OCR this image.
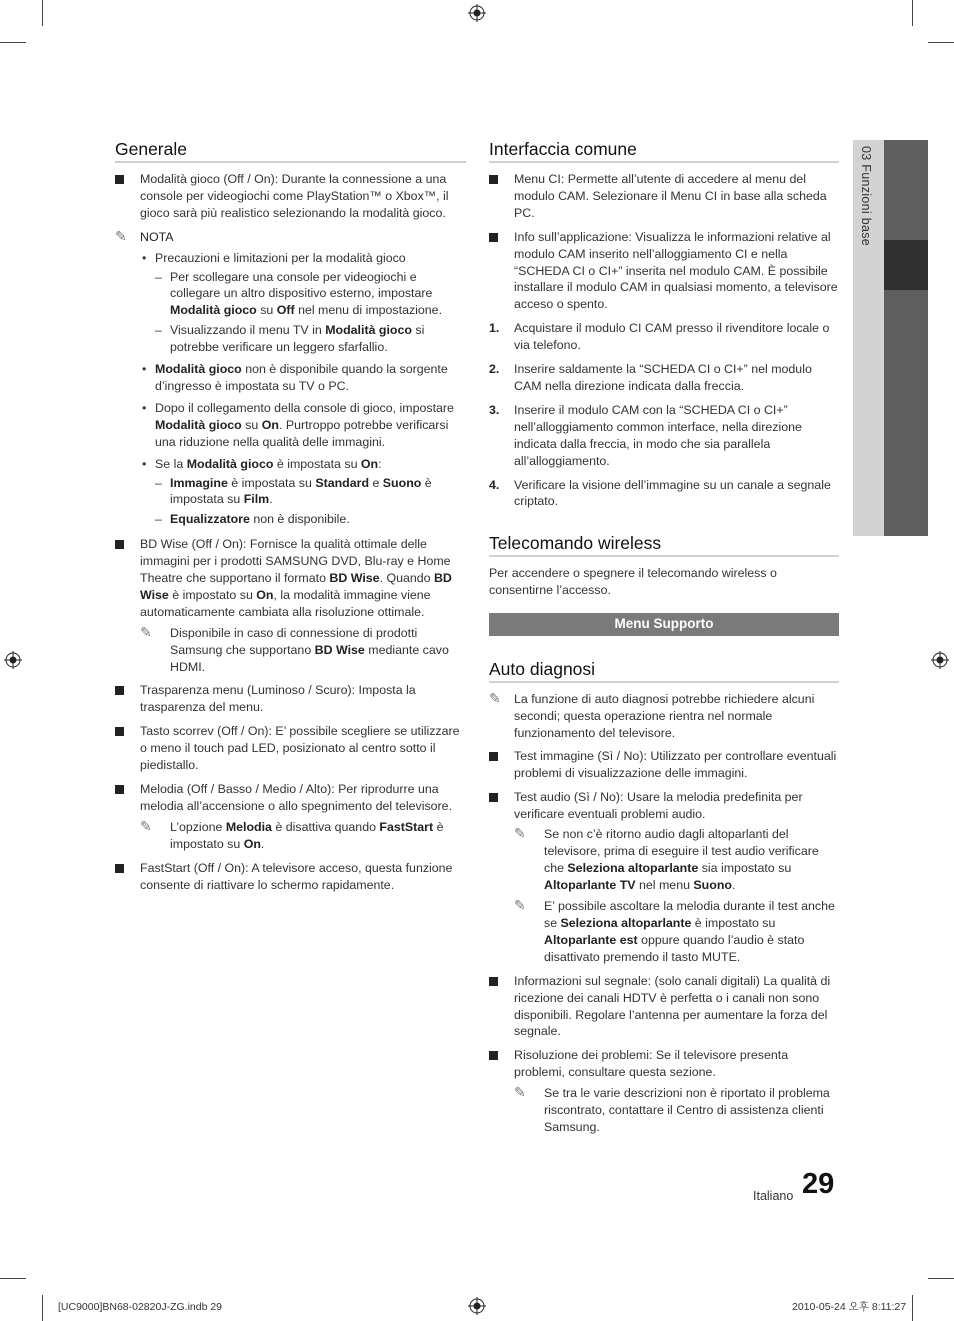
03 Funzioni base
Generale
Modalità gioco (Off / On): Durante la connessione a una console per videogiochi come PlayStation™ o Xbox™, il gioco sarà più realistico selezionando la modalità gioco.
✎ NOTA
• Precauzioni e limitazioni per la modalità gioco
– Per scollegare una console per videogiochi e collegare un altro dispositivo esterno, impostare Modalità gioco su Off nel menu di impostazione.
– Visualizzando il menu TV in Modalità gioco si potrebbe verificare un leggero sfarfallio.
• Modalità gioco non è disponibile quando la sorgente d’ingresso è impostata su TV o PC.
• Dopo il collegamento della console di gioco, impostare Modalità gioco su On. Purtroppo potrebbe verificarsi una riduzione nella qualità delle immagini.
• Se la Modalità gioco è impostata su On:
– Immagine è impostata su Standard e Suono è impostata su Film.
– Equalizzatore non è disponibile.
BD Wise (Off / On): Fornisce la qualità ottimale delle immagini per i prodotti SAMSUNG DVD, Blu-ray e Home Theatre che supportano il formato BD Wise. Quando BD Wise è impostato su On, la modalità immagine viene automaticamente cambiata alla risoluzione ottimale.
✎ Disponibile in caso di connessione di prodotti Samsung che supportano BD Wise mediante cavo HDMI.
Trasparenza menu (Luminoso / Scuro): Imposta la trasparenza del menu.
Tasto scorrev (Off / On): E’ possibile scegliere se utilizzare o meno il touch pad LED, posizionato al centro sotto il piedistallo.
Melodia (Off / Basso / Medio / Alto): Per riprodurre una melodia all’accensione o allo spegnimento del televisore.
✎ L’opzione Melodia è disattiva quando FastStart è impostato su On.
FastStart (Off / On): A televisore acceso, questa funzione consente di riattivare lo schermo rapidamente.
Interfaccia comune
Menu CI: Permette all’utente di accedere al menu del modulo CAM. Selezionare il Menu CI in base alla scheda PC.
Info sull’applicazione: Visualizza le informazioni relative al modulo CAM inserito nell’alloggiamento CI e nella “SCHEDA CI o CI+” inserita nel modulo CAM. È possibile installare il modulo CAM in qualsiasi momento, a televisore acceso o spento.
1. Acquistare il modulo CI CAM presso il rivenditore locale o via telefono.
2. Inserire saldamente la “SCHEDA CI o CI+” nel modulo CAM nella direzione indicata dalla freccia.
3. Inserire il modulo CAM con la “SCHEDA CI o CI+” nell’alloggiamento common interface, nella direzione indicata dalla freccia, in modo che sia parallela all’alloggiamento.
4. Verificare la visione dell’immagine su un canale a segnale criptato.
Telecomando wireless
Per accendere o spegnere il telecomando wireless o consentirne l’accesso.
Menu Supporto
Auto diagnosi
✎ La funzione di auto diagnosi potrebbe richiedere alcuni secondi; questa operazione rientra nel normale funzionamento del televisore.
Test immagine (Sì / No): Utilizzato per controllare eventuali problemi di visualizzazione delle immagini.
Test audio (Sì / No): Usare la melodia predefinita per verificare eventuali problemi audio.
✎ Se non c’è ritorno audio dagli altoparlanti del televisore, prima di eseguire il test audio verificare che Seleziona altoparlante sia impostato su Altoparlante TV nel menu Suono.
✎ E’ possibile ascoltare la melodia durante il test anche se Seleziona altoparlante è impostato su Altoparlante est oppure quando l’audio è stato disattivato premendo il tasto MUTE.
Informazioni sul segnale: (solo canali digitali) La qualità di ricezione dei canali HDTV è perfetta o i canali non sono disponibili. Regolare l’antenna per aumentare la forza del segnale.
Risoluzione dei problemi: Se il televisore presenta problemi, consultare questa sezione.
✎ Se tra le varie descrizioni non è riportato il problema riscontrato, contattare il Centro di assistenza clienti Samsung.
Italiano 29
[UC9000]BN68-02820J-ZG.indb 29	2010-05-24 오후 8:11:27
